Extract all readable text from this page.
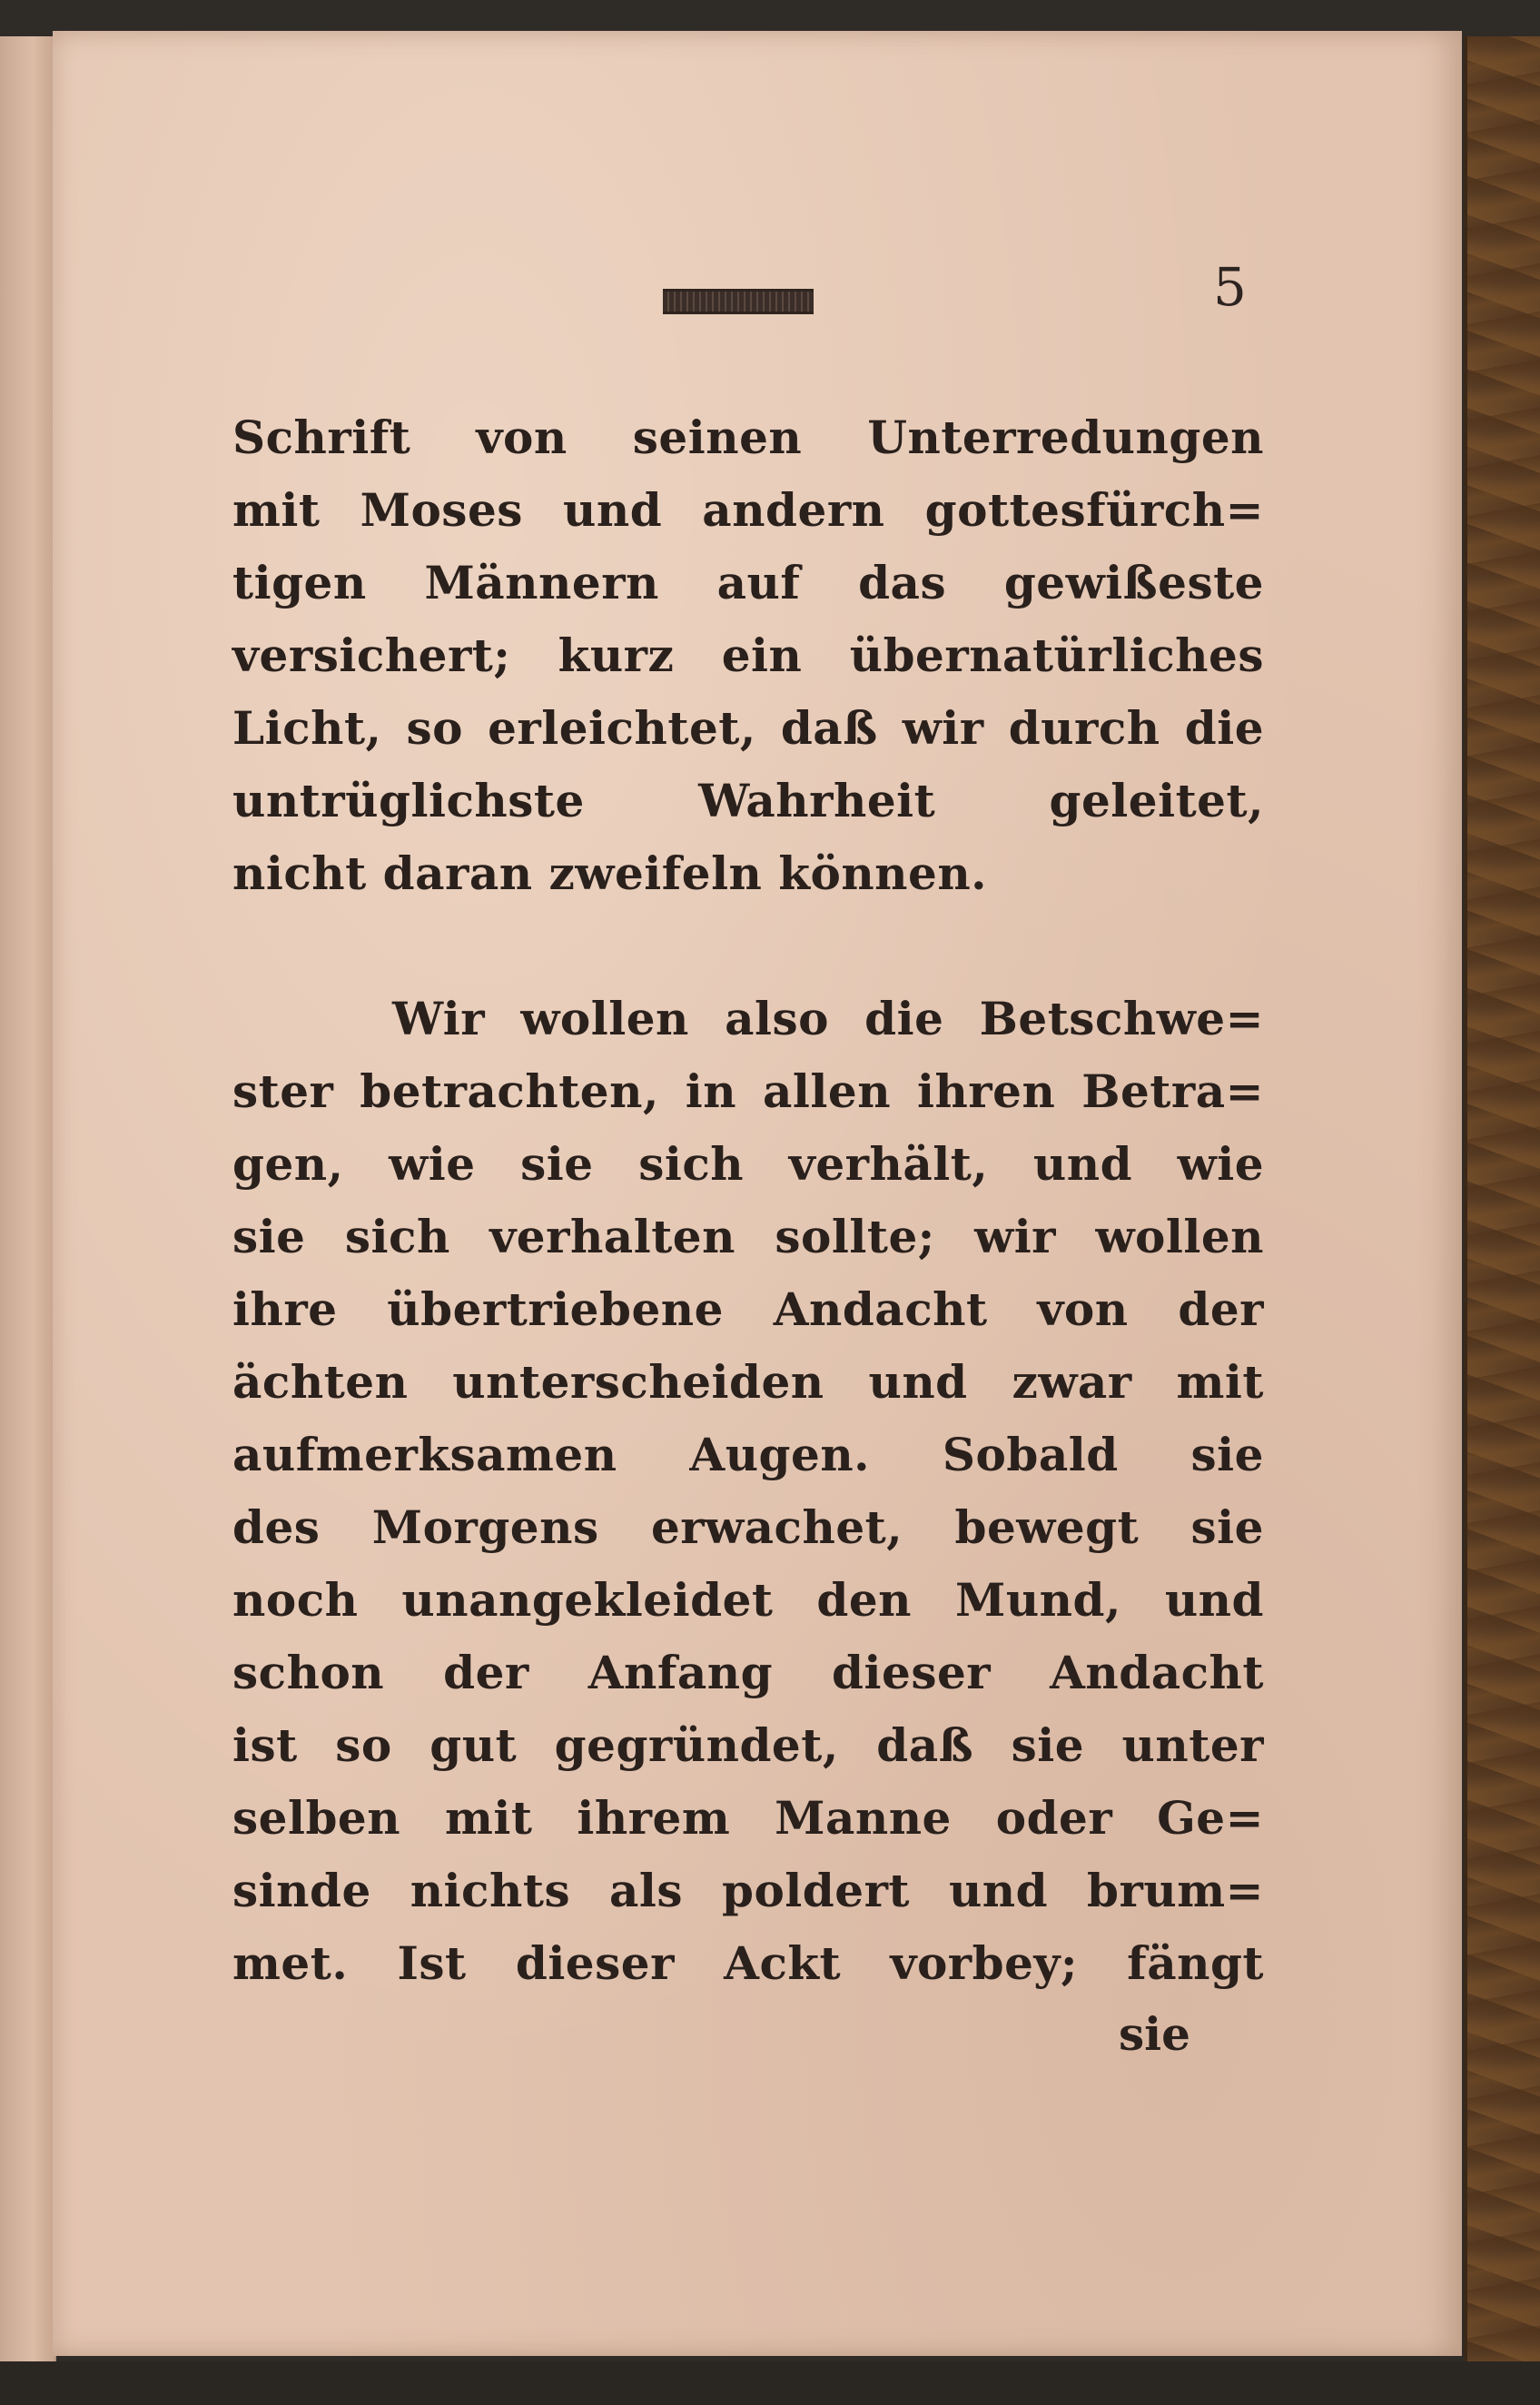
5
Schrift von seinen Unterredungen
mit Moses und andern gottesfürch=
tigen Männern auf das gewißeste
versichert; kurz ein übernatürliches
Licht, so erleichtet, daß wir durch die
untrüglichste Wahrheit geleitet,
nicht daran zweifeln können.
Wir wollen also die Betschwe=
ster betrachten, in allen ihren Betra=
gen, wie sie sich verhält, und wie
sie sich verhalten sollte; wir wollen
ihre übertriebene Andacht von der
ächten unterscheiden und zwar mit
aufmerksamen Augen. Sobald sie
des Morgens erwachet, bewegt sie
noch unangekleidet den Mund, und
schon der Anfang dieser Andacht
ist so gut gegründet, daß sie unter
selben mit ihrem Manne oder Ge=
sinde nichts als poldert und brum=
met. Ist dieser Ackt vorbey; fängt
sie
